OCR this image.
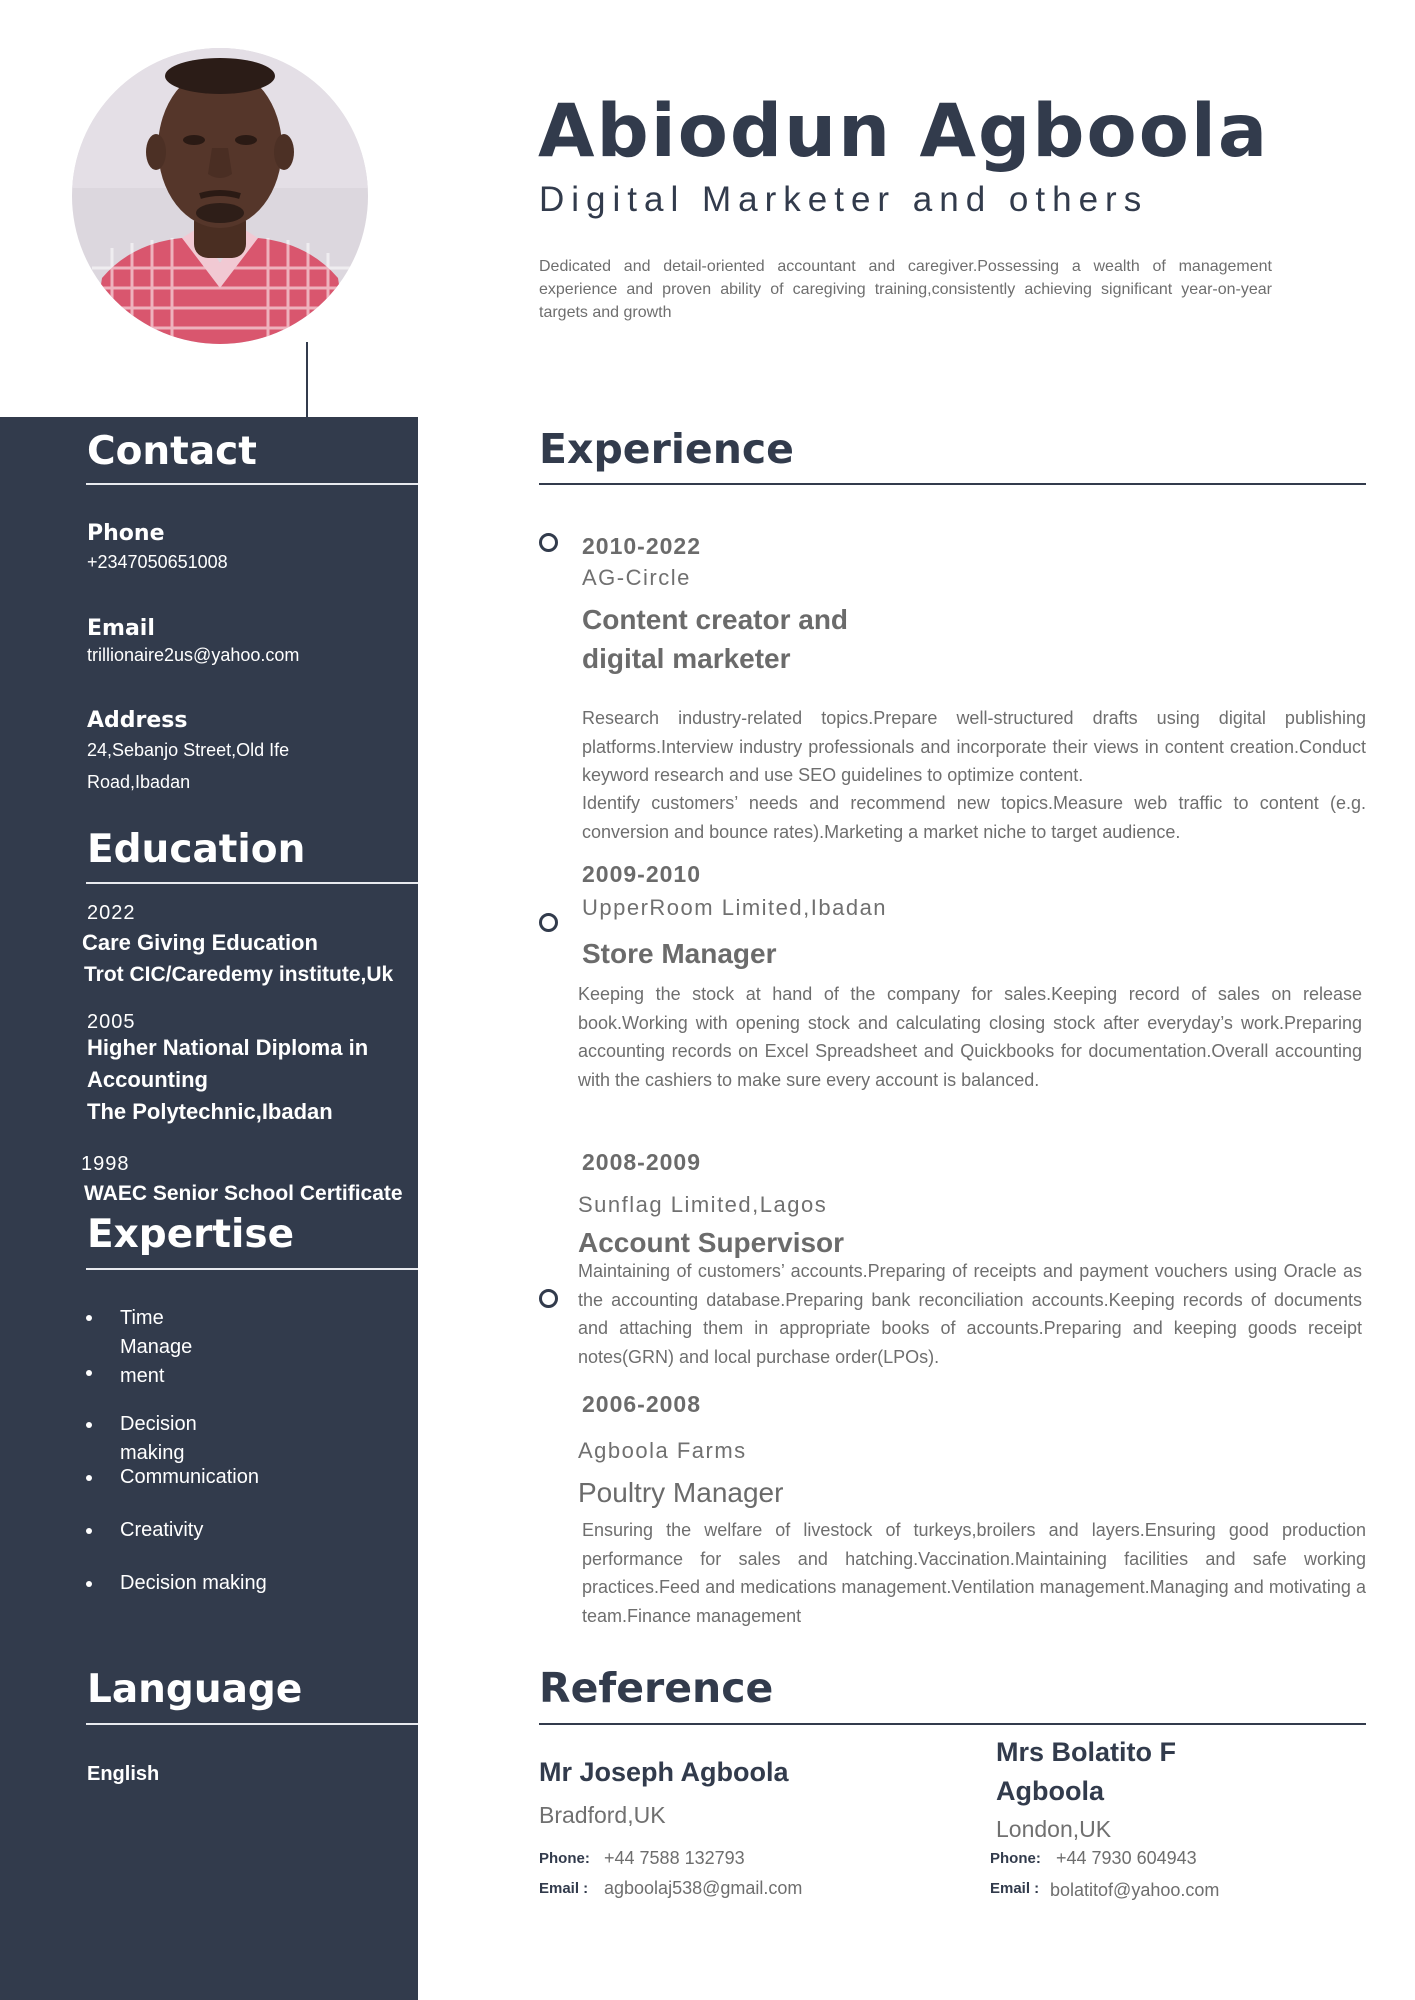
Abiodun Agboola
Digital Marketer and others
Dedicated and detail-oriented accountant and caregiver.Possessing a wealth of management experience and proven ability of caregiving training,consistently achieving significant year-on-year targets and growth
Contact
Phone
+2347050651008
Email
trillionaire2us@yahoo.com
Address
24,Sebanjo Street,Old Ife
Road,Ibadan
Education
2022
Care Giving Education
Trot CIC/Caredemy institute,Uk
2005
Higher National Diploma in
Accounting
The Polytechnic,Ibadan
1998
WAEC Senior School Certificate
Expertise
Time Manage ment
Decision making
Communication
Creativity
Decision making
Language
English
Experience
2010-2022
AG-Circle
Content creator and digital marketer
Research industry-related topics.Prepare well-structured drafts using digital publishing platforms.Interview industry professionals and incorporate their views in content creation.Conduct keyword research and use SEO guidelines to optimize content.
Identify customers’ needs and recommend new topics.Measure web traffic to content (e.g. conversion and bounce rates).Marketing a market niche to target audience.
2009-2010
UpperRoom Limited,Ibadan
Store Manager
Keeping the stock at hand of the company for sales.Keeping record of sales on release book.Working with opening stock and calculating closing stock after everyday’s work.Preparing accounting records on Excel Spreadsheet and Quickbooks for documentation.Overall accounting with the cashiers to make sure every account is balanced.
2008-2009
Sunflag Limited,Lagos
Account Supervisor
Maintaining of customers’ accounts.Preparing of receipts and payment vouchers using Oracle as the accounting database.Preparing bank reconciliation accounts.Keeping records of documents and attaching them in appropriate books of accounts.Preparing and keeping goods receipt notes(GRN) and local purchase order(LPOs).
2006-2008
Agboola Farms
Poultry Manager
Ensuring the welfare of livestock of turkeys,broilers and layers.Ensuring good production performance for sales and hatching.Vaccination.Maintaining facilities and safe working practices.Feed and medications management.Ventilation management.Managing and motivating a team.Finance management
Reference
Mr Joseph Agboola
Bradford,UK
Phone: +44 7588 132793
Email : agboolaj538@gmail.com
Mrs Bolatito F Agboola
London,UK
Phone: +44 7930 604943
Email : bolatitof@yahoo.com
